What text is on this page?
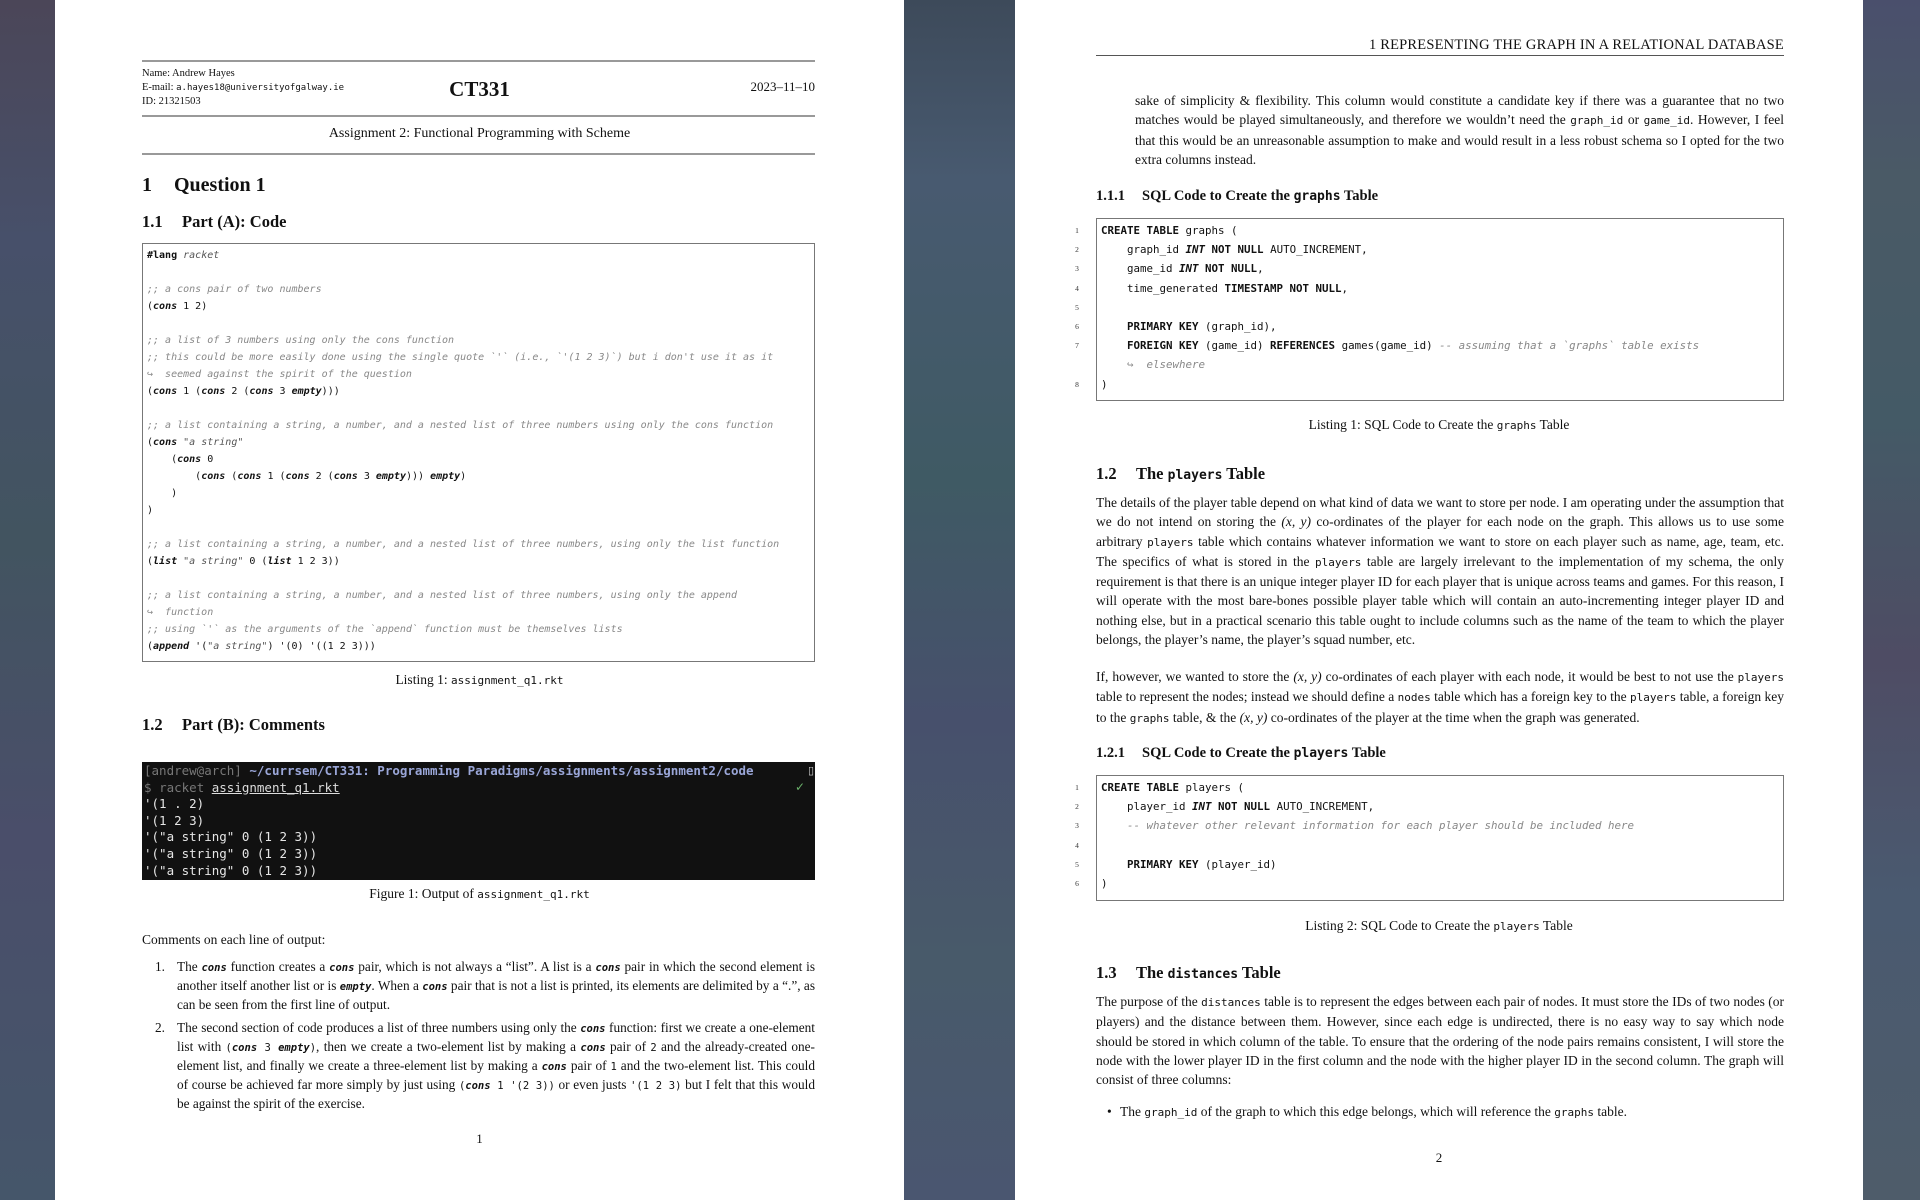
Name: Andrew Hayes
E-mail: a.hayes18@universityofgalway.ie
ID: 21321503
CT331	2023–11–10
Assignment 2: Functional Programming with Scheme
1 Question 1
1.1 Part (A): Code
#lang racket

;; a cons pair of two numbers
(cons 1 2)

;; a list of 3 numbers using only the cons function
;; this could be more easily done using the single quote `'` (i.e., `'(1 2 3)`) but i don't use it as it
↪  seemed against the spirit of the question
(cons 1 (cons 2 (cons 3 empty)))

;; a list containing a string, a number, and a nested list of three numbers using only the cons function
(cons "a string"
(cons 0
(cons (cons 1 (cons 2 (cons 3 empty))) empty)
)
)

;; a list containing a string, a number, and a nested list of three numbers, using only the list function
(list "a string" 0 (list 1 2 3))

;; a list containing a string, a number, and a nested list of three numbers, using only the append
↪  function
;; using `'` as the arguments of the `append` function must be themselves lists
(append '("a string") '(0) '((1 2 3)))
Listing 1: assignment_q1.rkt
1.2 Part (B): Comments
[andrew@arch] ~/currsem/CT331: Programming Paradigms/assignments/assignment2/code
$ racket assignment_q1.rkt
'(1 . 2)
'(1 2 3)
'("a string" 0 (1 2 3))
'("a string" 0 (1 2 3))
'("a string" 0 (1 2 3))
✓
▯
Figure 1: Output of assignment_q1.rkt
Comments on each line of output:
1. The cons function creates a cons pair, which is not always a “list”. A list is a cons pair in which the second element is another itself another list or is empty. When a cons pair that is not a list is printed, its elements are delimited by a “.”, as can be seen from the first line of output.
2. The second section of code produces a list of three numbers using only the cons function: first we create a one-element list with (cons 3 empty), then we create a two-element list by making a cons pair of 2 and the already-created one-element list, and finally we create a three-element list by making a cons pair of 1 and the two-element list. This could of course be achieved far more simply by just using (cons 1 '(2 3)) or even justs '(1 2 3) but I felt that this would be against the spirit of the exercise.
1
1 REPRESENTING THE GRAPH IN A RELATIONAL DATABASE
sake of simplicity & flexibility. This column would constitute a candidate key if there was a guarantee that no two matches would be played simultaneously, and therefore we wouldn’t need the graph_id or game_id. However, I feel that this would be an unreasonable assumption to make and would result in a less robust schema so I opted for the two extra columns instead.
1.1.1 SQL Code to Create the graphs Table
CREATE TABLE graphs (
graph_id INT NOT NULL AUTO_INCREMENT,
game_id INT NOT NULL,
time_generated TIMESTAMP NOT NULL,

PRIMARY KEY (graph_id),
FOREIGN KEY (game_id) REFERENCES games(game_id) -- assuming that a `graphs` table exists
↪  elsewhere
)
Listing 1: SQL Code to Create the graphs Table
1.2 The players Table
The details of the player table depend on what kind of data we want to store per node. I am operating under the assumption that we do not intend on storing the (x, y) co-ordinates of the player for each node on the graph. This allows us to use some arbitrary players table which contains whatever information we want to store on each player such as name, age, team, etc. The specifics of what is stored in the players table are largely irrelevant to the implementation of my schema, the only requirement is that there is an unique integer player ID for each player that is unique across teams and games. For this reason, I will operate with the most bare-bones possible player table which will contain an auto-incrementing integer player ID and nothing else, but in a practical scenario this table ought to include columns such as the name of the team to which the player belongs, the player’s name, the player’s squad number, etc.
If, however, we wanted to store the (x, y) co-ordinates of each player with each node, it would be best to not use the players table to represent the nodes; instead we should define a nodes table which has a foreign key to the players table, a foreign key to the graphs table, & the (x, y) co-ordinates of the player at the time when the graph was generated.
1.2.1 SQL Code to Create the players Table
CREATE TABLE players (
player_id INT NOT NULL AUTO_INCREMENT,
-- whatever other relevant information for each player should be included here

PRIMARY KEY (player_id)
)
Listing 2: SQL Code to Create the players Table
1.3 The distances Table
The purpose of the distances table is to represent the edges between each pair of nodes. It must store the IDs of two nodes (or players) and the distance between them. However, since each edge is undirected, there is no easy way to say which node should be stored in which column of the table. To ensure that the ordering of the node pairs remains consistent, I will store the node with the lower player ID in the first column and the node with the higher player ID in the second column. The graph will consist of three columns:
• The graph_id of the graph to which this edge belongs, which will reference the graphs table.
2
1
2
3
4
5
6
7
8
1
2
3
4
5
6
